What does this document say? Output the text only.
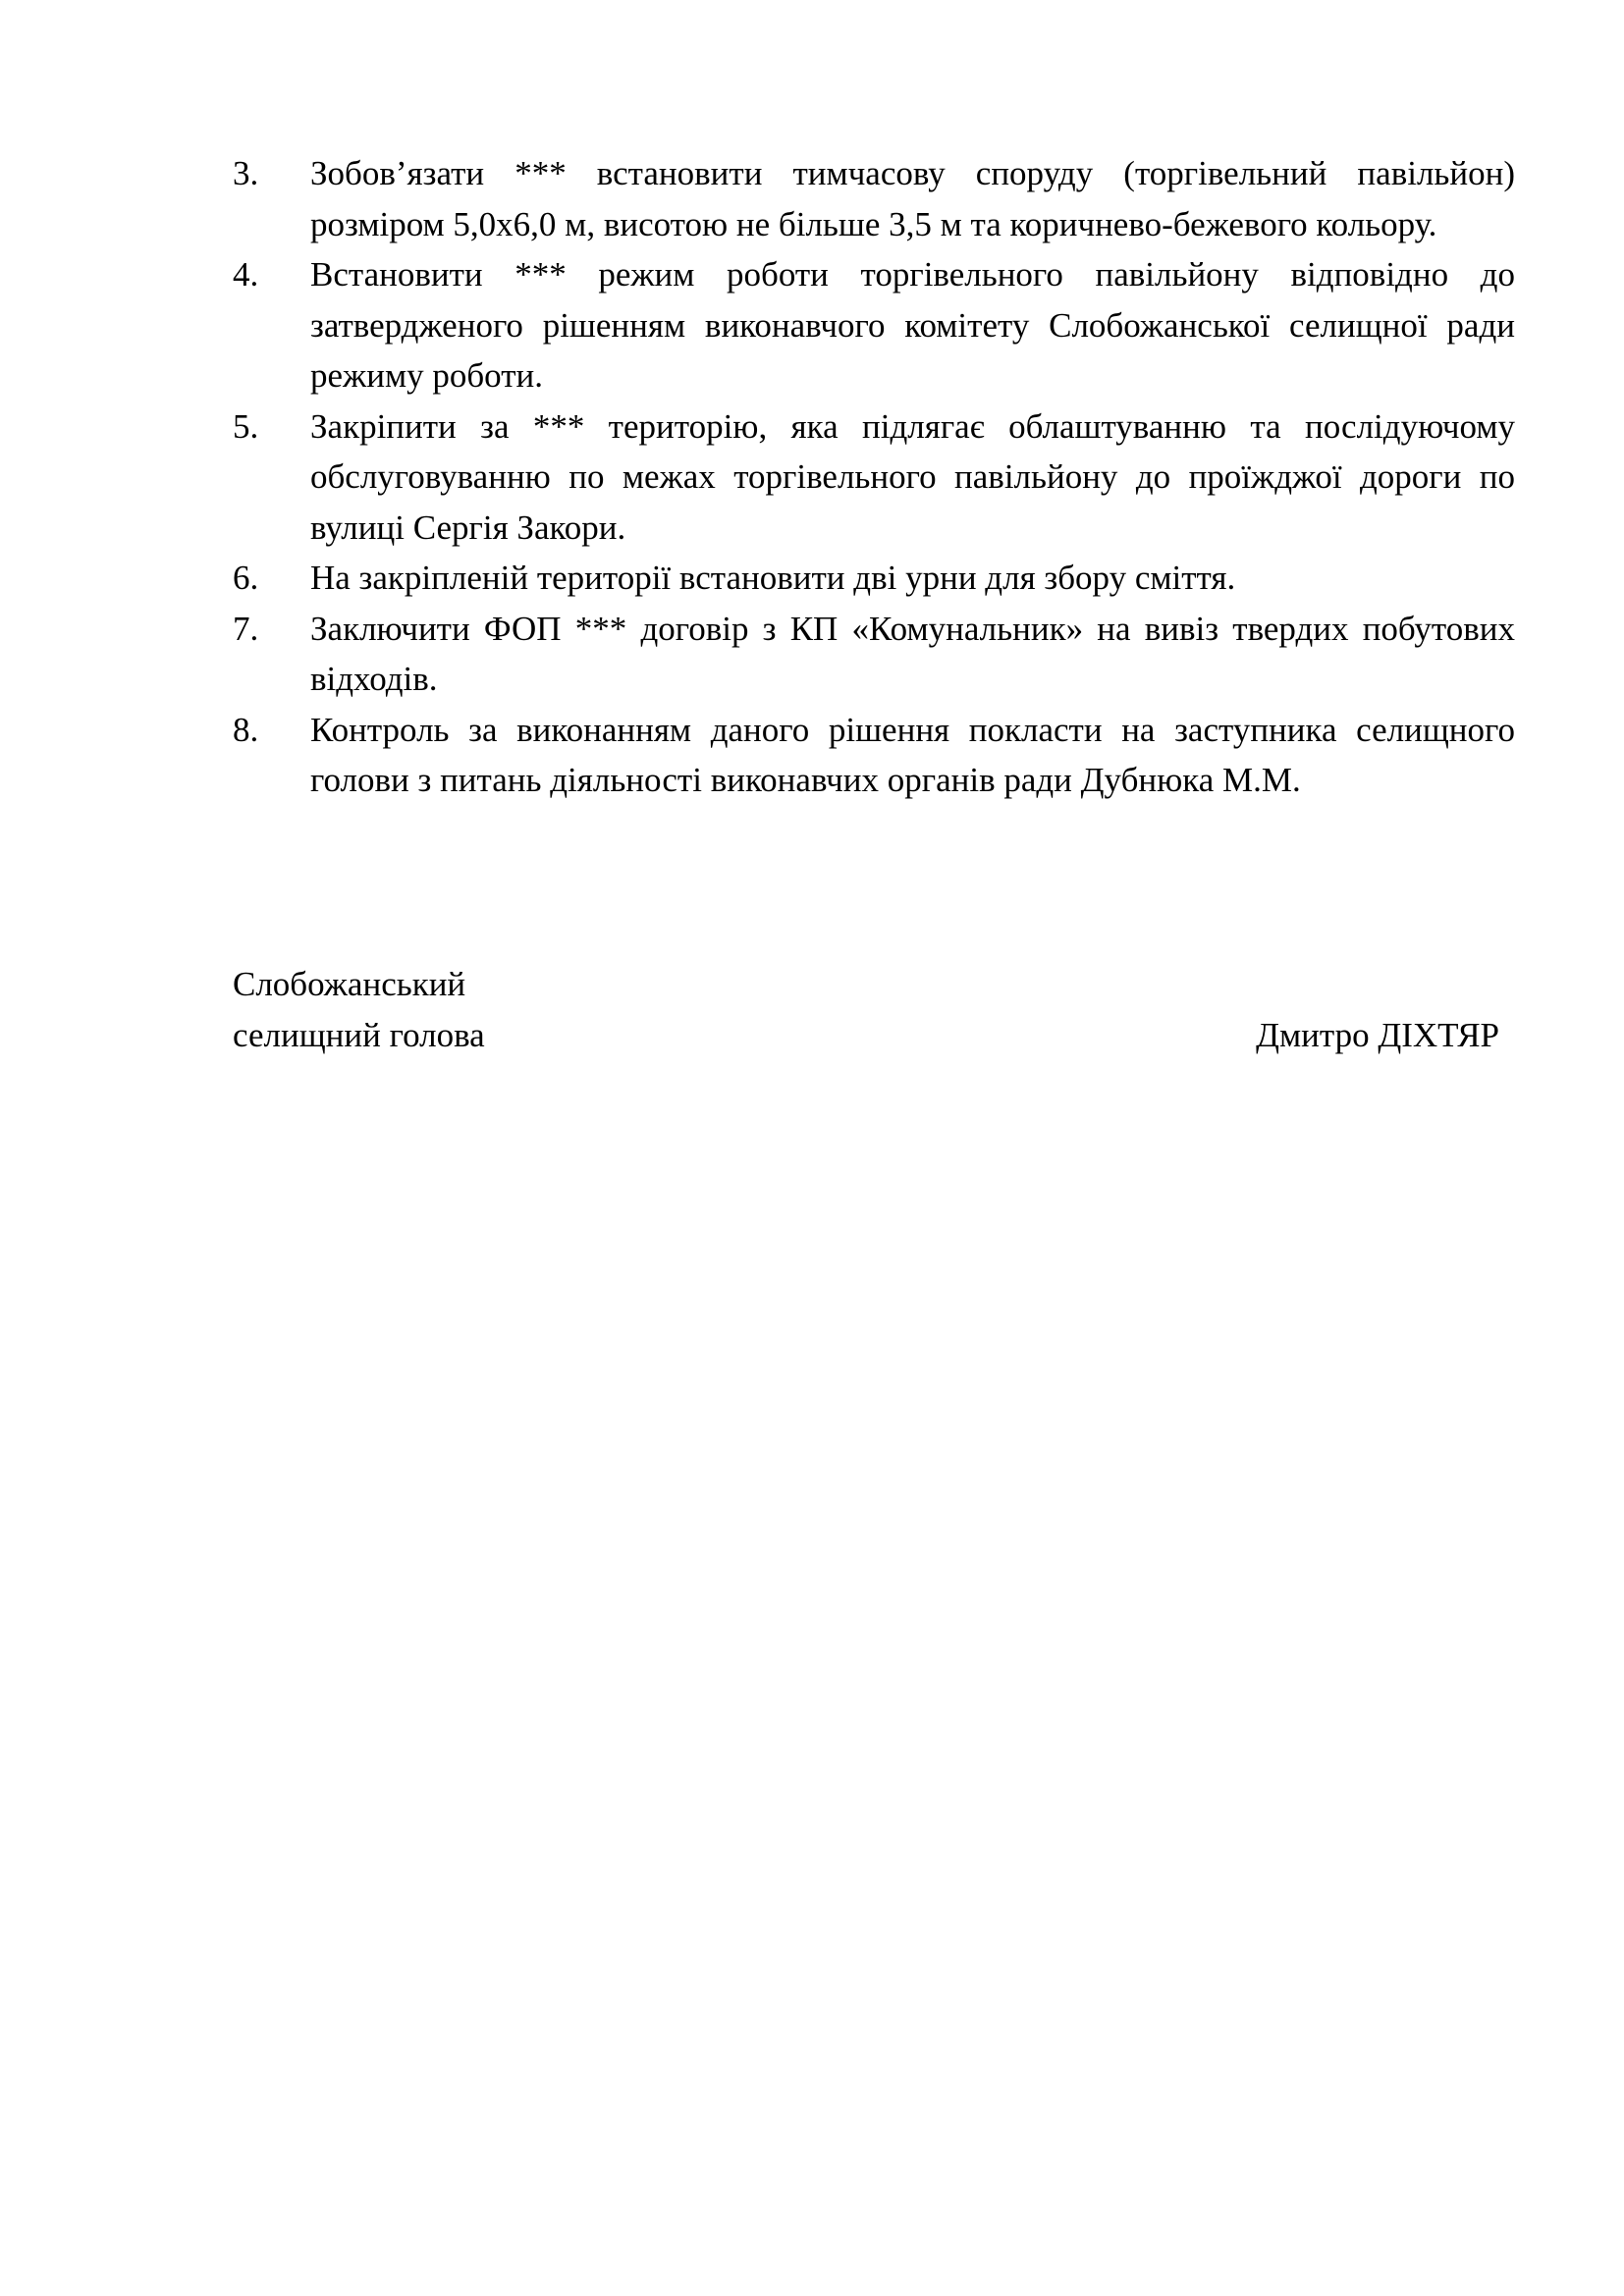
3.	Зобов’язати *** встановити тимчасову споруду (торгівельний павільйон) розміром 5,0х6,0 м, висотою не більше 3,5 м та коричнево-бежевого кольору.
4.	Встановити *** режим роботи торгівельного павільйону відповідно до затвердженого рішенням виконавчого комітету Слобожанської селищної ради режиму роботи.
5.	Закріпити за *** територію, яка підлягає облаштуванню та послідуючому обслуговуванню по межах торгівельного павільйону до проїжджої дороги по вулиці Сергія Закори.
6.	На закріпленій території встановити дві урни для збору сміття.
7.	Заключити ФОП *** договір з КП «Комунальник» на вивіз твердих побутових відходів.
8.	Контроль за виконанням даного рішення покласти на заступника селищного голови з питань діяльності виконавчих органів ради Дубнюка М.М.
Слобожанський
селищний голова	Дмитро ДІХТЯР
